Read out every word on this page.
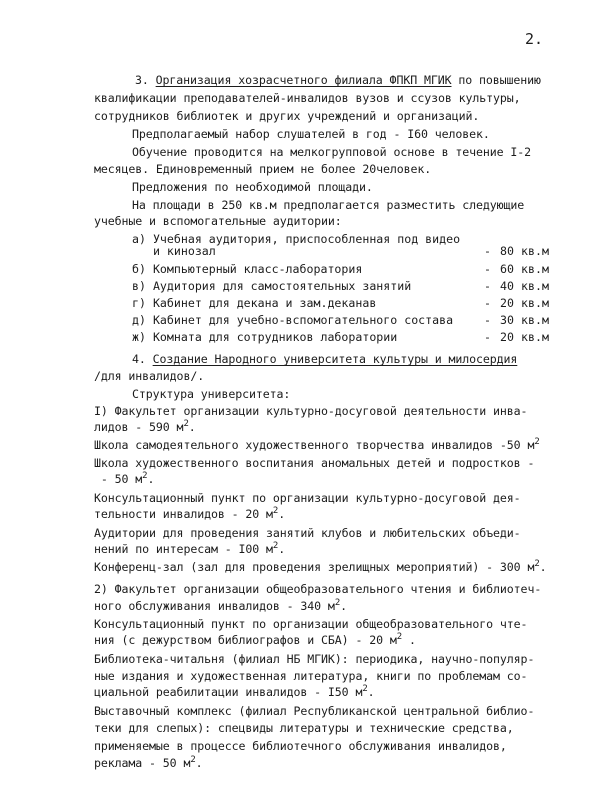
2.
3. Организация хозрасчетного филиала ФПКП МГИК по повышению
квалификации преподавателей-инвалидов вузов и ссузов культуры,
сотрудников библиотек и других учреждений и организаций.
Предполагаемый набор слушателей в год - I60 человек.
Обучение проводится на мелкогрупповой основе в течение I-2
месяцев. Единовременный прием не более 20человек.
Предложения по необходимой площади.
На площади в 250 кв.м предполагается разместить следующие
учебные и вспомогательные аудитории:
а) Учебная аудитория, приспособленная под видео
и кинозал	- 80 кв.м
б) Компьютерный класс-лаборатория	- 60 кв.м
в) Аудитория для самостоятельных занятий	- 40 кв.м
г) Кабинет для декана и зам.деканав	- 20 кв.м
д) Кабинет для учебно-вспомогательного состава	- 30 кв.м
ж) Комната для сотрудников лаборатории	- 20 кв.м
4. Создание Народного университета культуры и милосердия
/для инвалидов/.
Структура университета:
I) Факультет организации культурно-досуговой деятельности инва-
лидов - 590 $м^2$.
Школа самодеятельного художественного творчества инвалидов -50 $м^2$
Школа художественного воспитания аномальных детей и подростков -
- 50 $м^2$.
Консультационный пункт по организации культурно-досуговой дея-
тельности инвалидов - 20 $м^2$.
Аудитории для проведения занятий клубов и любительских объеди-
нений по интересам - I00 $м^2$.
Конференц-зал (зал для проведения зрелищных мероприятий) - 300 $м^2$.
2) Факультет организации общеобразовательного чтения и библиотеч-
ного обслуживания инвалидов - 340 $м^2$.
Консультационный пункт по организации общеобразовательного чте-
ния (с дежурством библиографов и СБА) - 20 $м^2$ .
Библиотека-читальня (филиал НБ МГИК): периодика, научно-популяр-
ные издания и художественная литература, книги по проблемам со-
циальной реабилитации инвалидов - I50 $м^2$.
Выставочный комплекс (филиал Республиканской центральной библио-
теки для слепых): спецвиды литературы и технические средства,
применяемые в процессе библиотечного обслуживания инвалидов,
реклама - 50 $м^2$.
